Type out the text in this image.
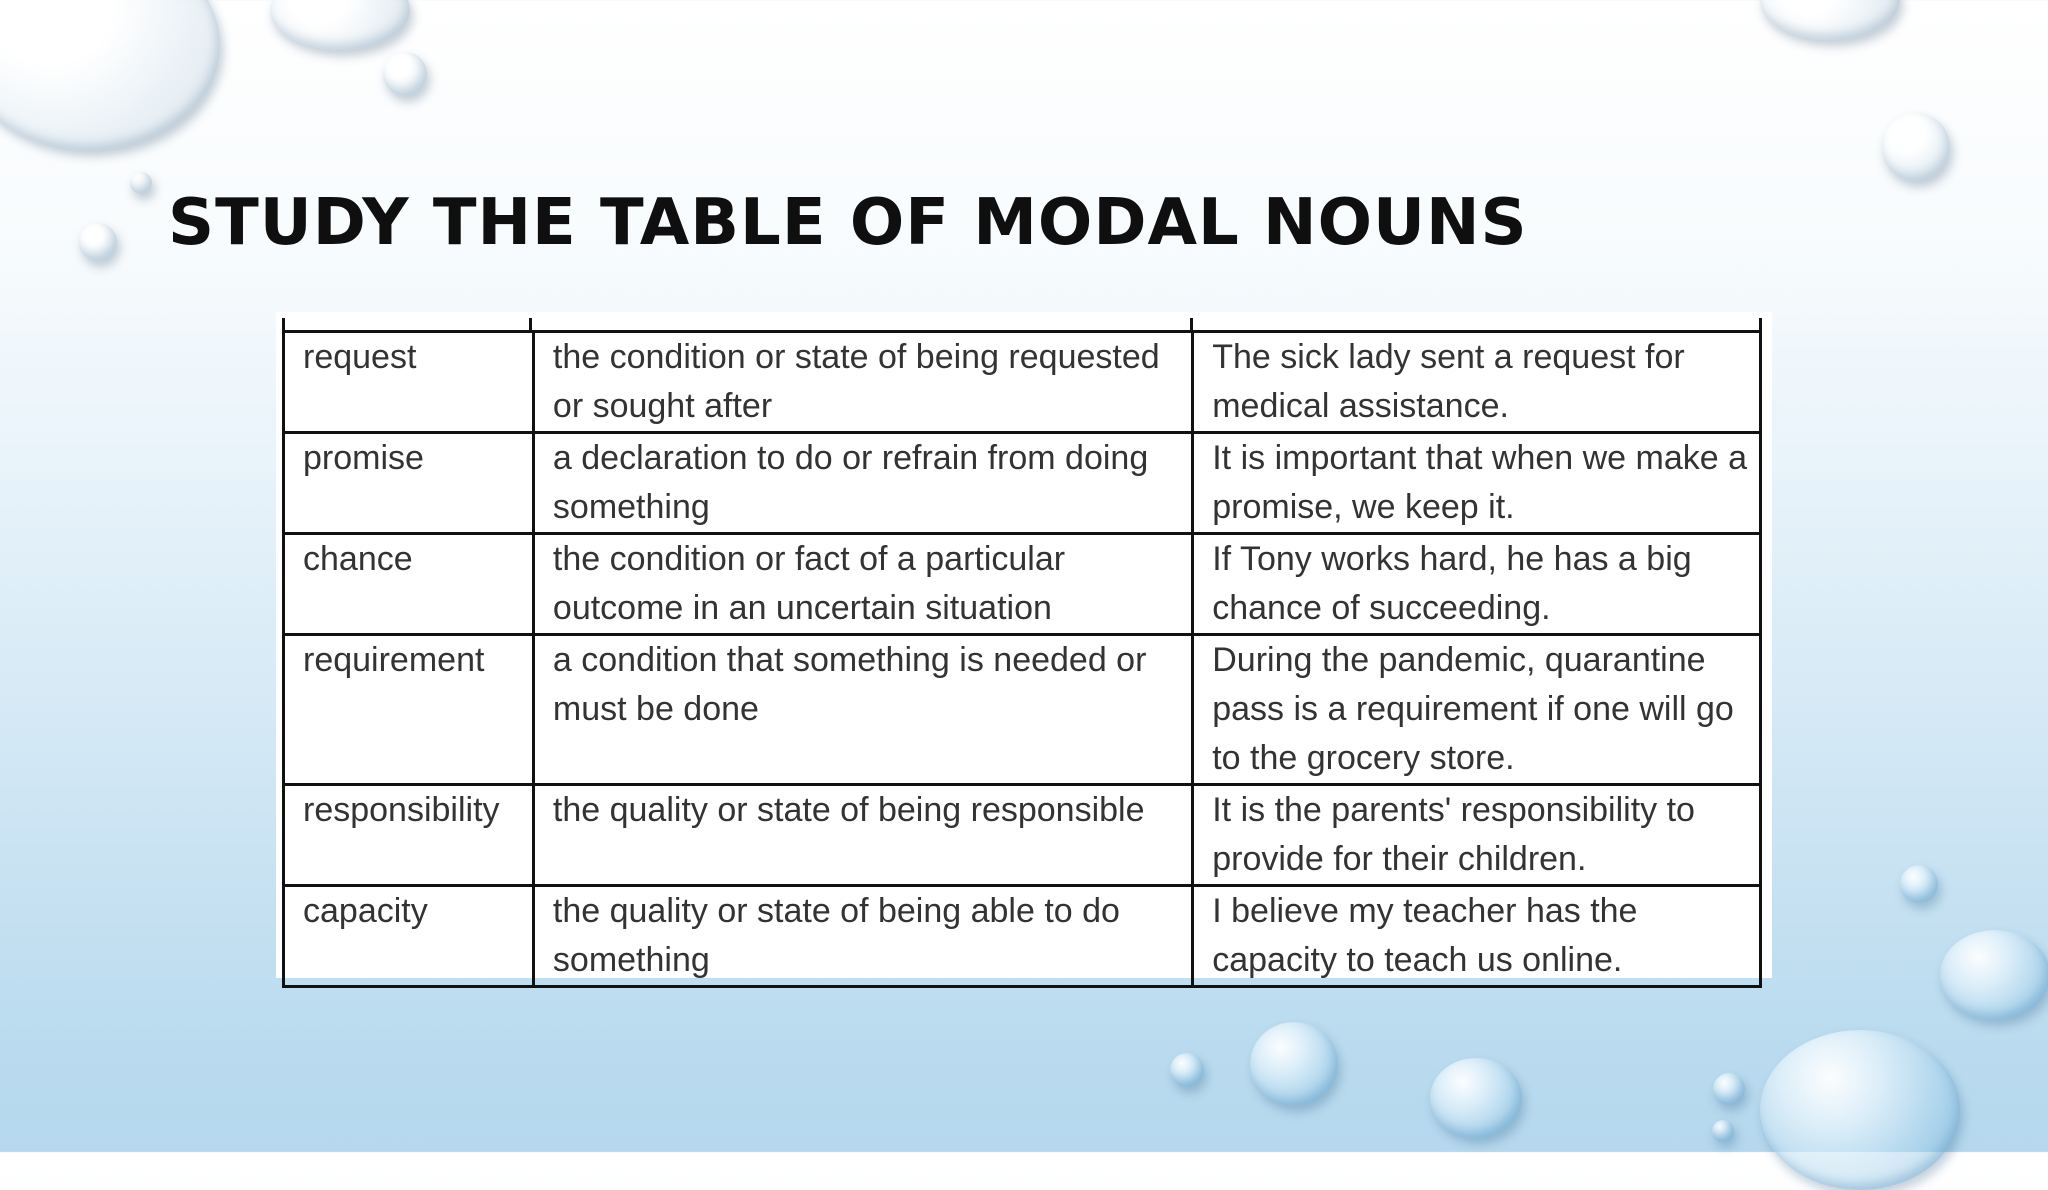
STUDY THE TABLE OF MODAL NOUNS
request	the condition or state of being requested or sought after	The sick lady sent a request for medical assistance.
promise	a declaration to do or refrain from doing something	It is important that when we make a promise, we keep it.
chance	the condition or fact of a particular outcome in an uncertain situation	If Tony works hard, he has a big chance of succeeding.
requirement	a condition that something is needed or must be done	During the pandemic, quarantine pass is a requirement if one will go to the grocery store.
responsibility	the quality or state of being responsible	It is the parents' responsibility to provide for their children.
capacity	the quality or state of being able to do something	I believe my teacher has the capacity to teach us online.
